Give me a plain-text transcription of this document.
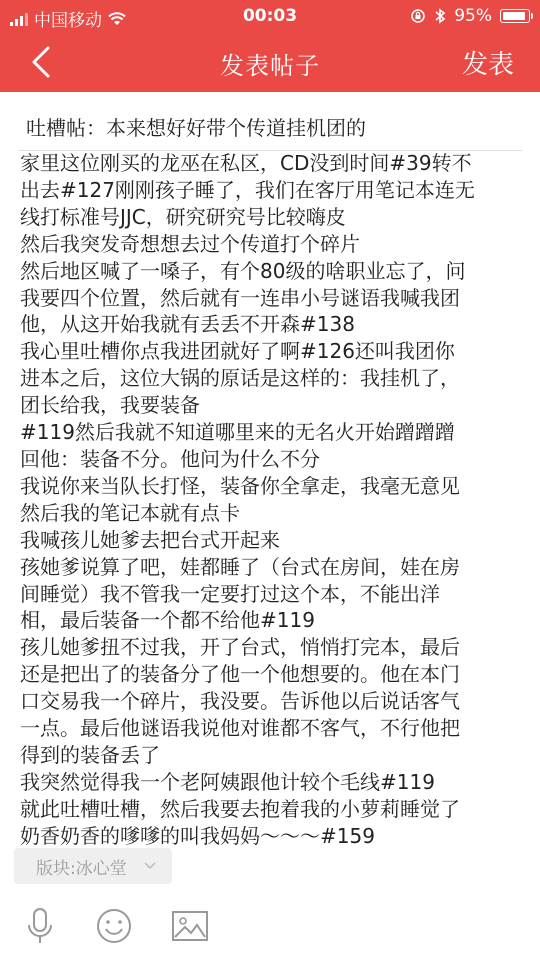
中国移动	00:03	95%
发表帖子	发表
吐槽帖：本来想好好带个传道挂机团的
家里这位刚买的龙巫在私区，CD没到时间#39转不
出去#127刚刚孩子睡了，我们在客厅用笔记本连无
线打标准号JJC，研究研究号比较嗨皮
然后我突发奇想想去过个传道打个碎片
然后地区喊了一嗓子，有个80级的啥职业忘了，问
我要四个位置，然后就有一连串小号谜语我喊我团
他，从这开始我就有丢丢不开森#138
我心里吐槽你点我进团就好了啊#126还叫我团你
进本之后，这位大锅的原话是这样的：我挂机了，
团长给我，我要装备
#119然后我就不知道哪里来的无名火开始蹭蹭蹭
回他：装备不分。他问为什么不分
我说你来当队长打怪，装备你全拿走，我毫无意见
然后我的笔记本就有点卡
我喊孩儿她爹去把台式开起来
孩她爹说算了吧，娃都睡了（台式在房间，娃在房
间睡觉）我不管我一定要打过这个本，不能出洋
相，最后装备一个都不给他#119
孩儿她爹扭不过我，开了台式，悄悄打完本，最后
还是把出了的装备分了他一个他想要的。他在本门
口交易我一个碎片，我没要。告诉他以后说话客气
一点。最后他谜语我说他对谁都不客气，不行他把
得到的装备丢了
我突然觉得我一个老阿姨跟他计较个毛线#119
就此吐槽吐槽，然后我要去抱着我的小萝莉睡觉了
奶香奶香的嗲嗲的叫我妈妈～～～#159
版块:冰心堂
